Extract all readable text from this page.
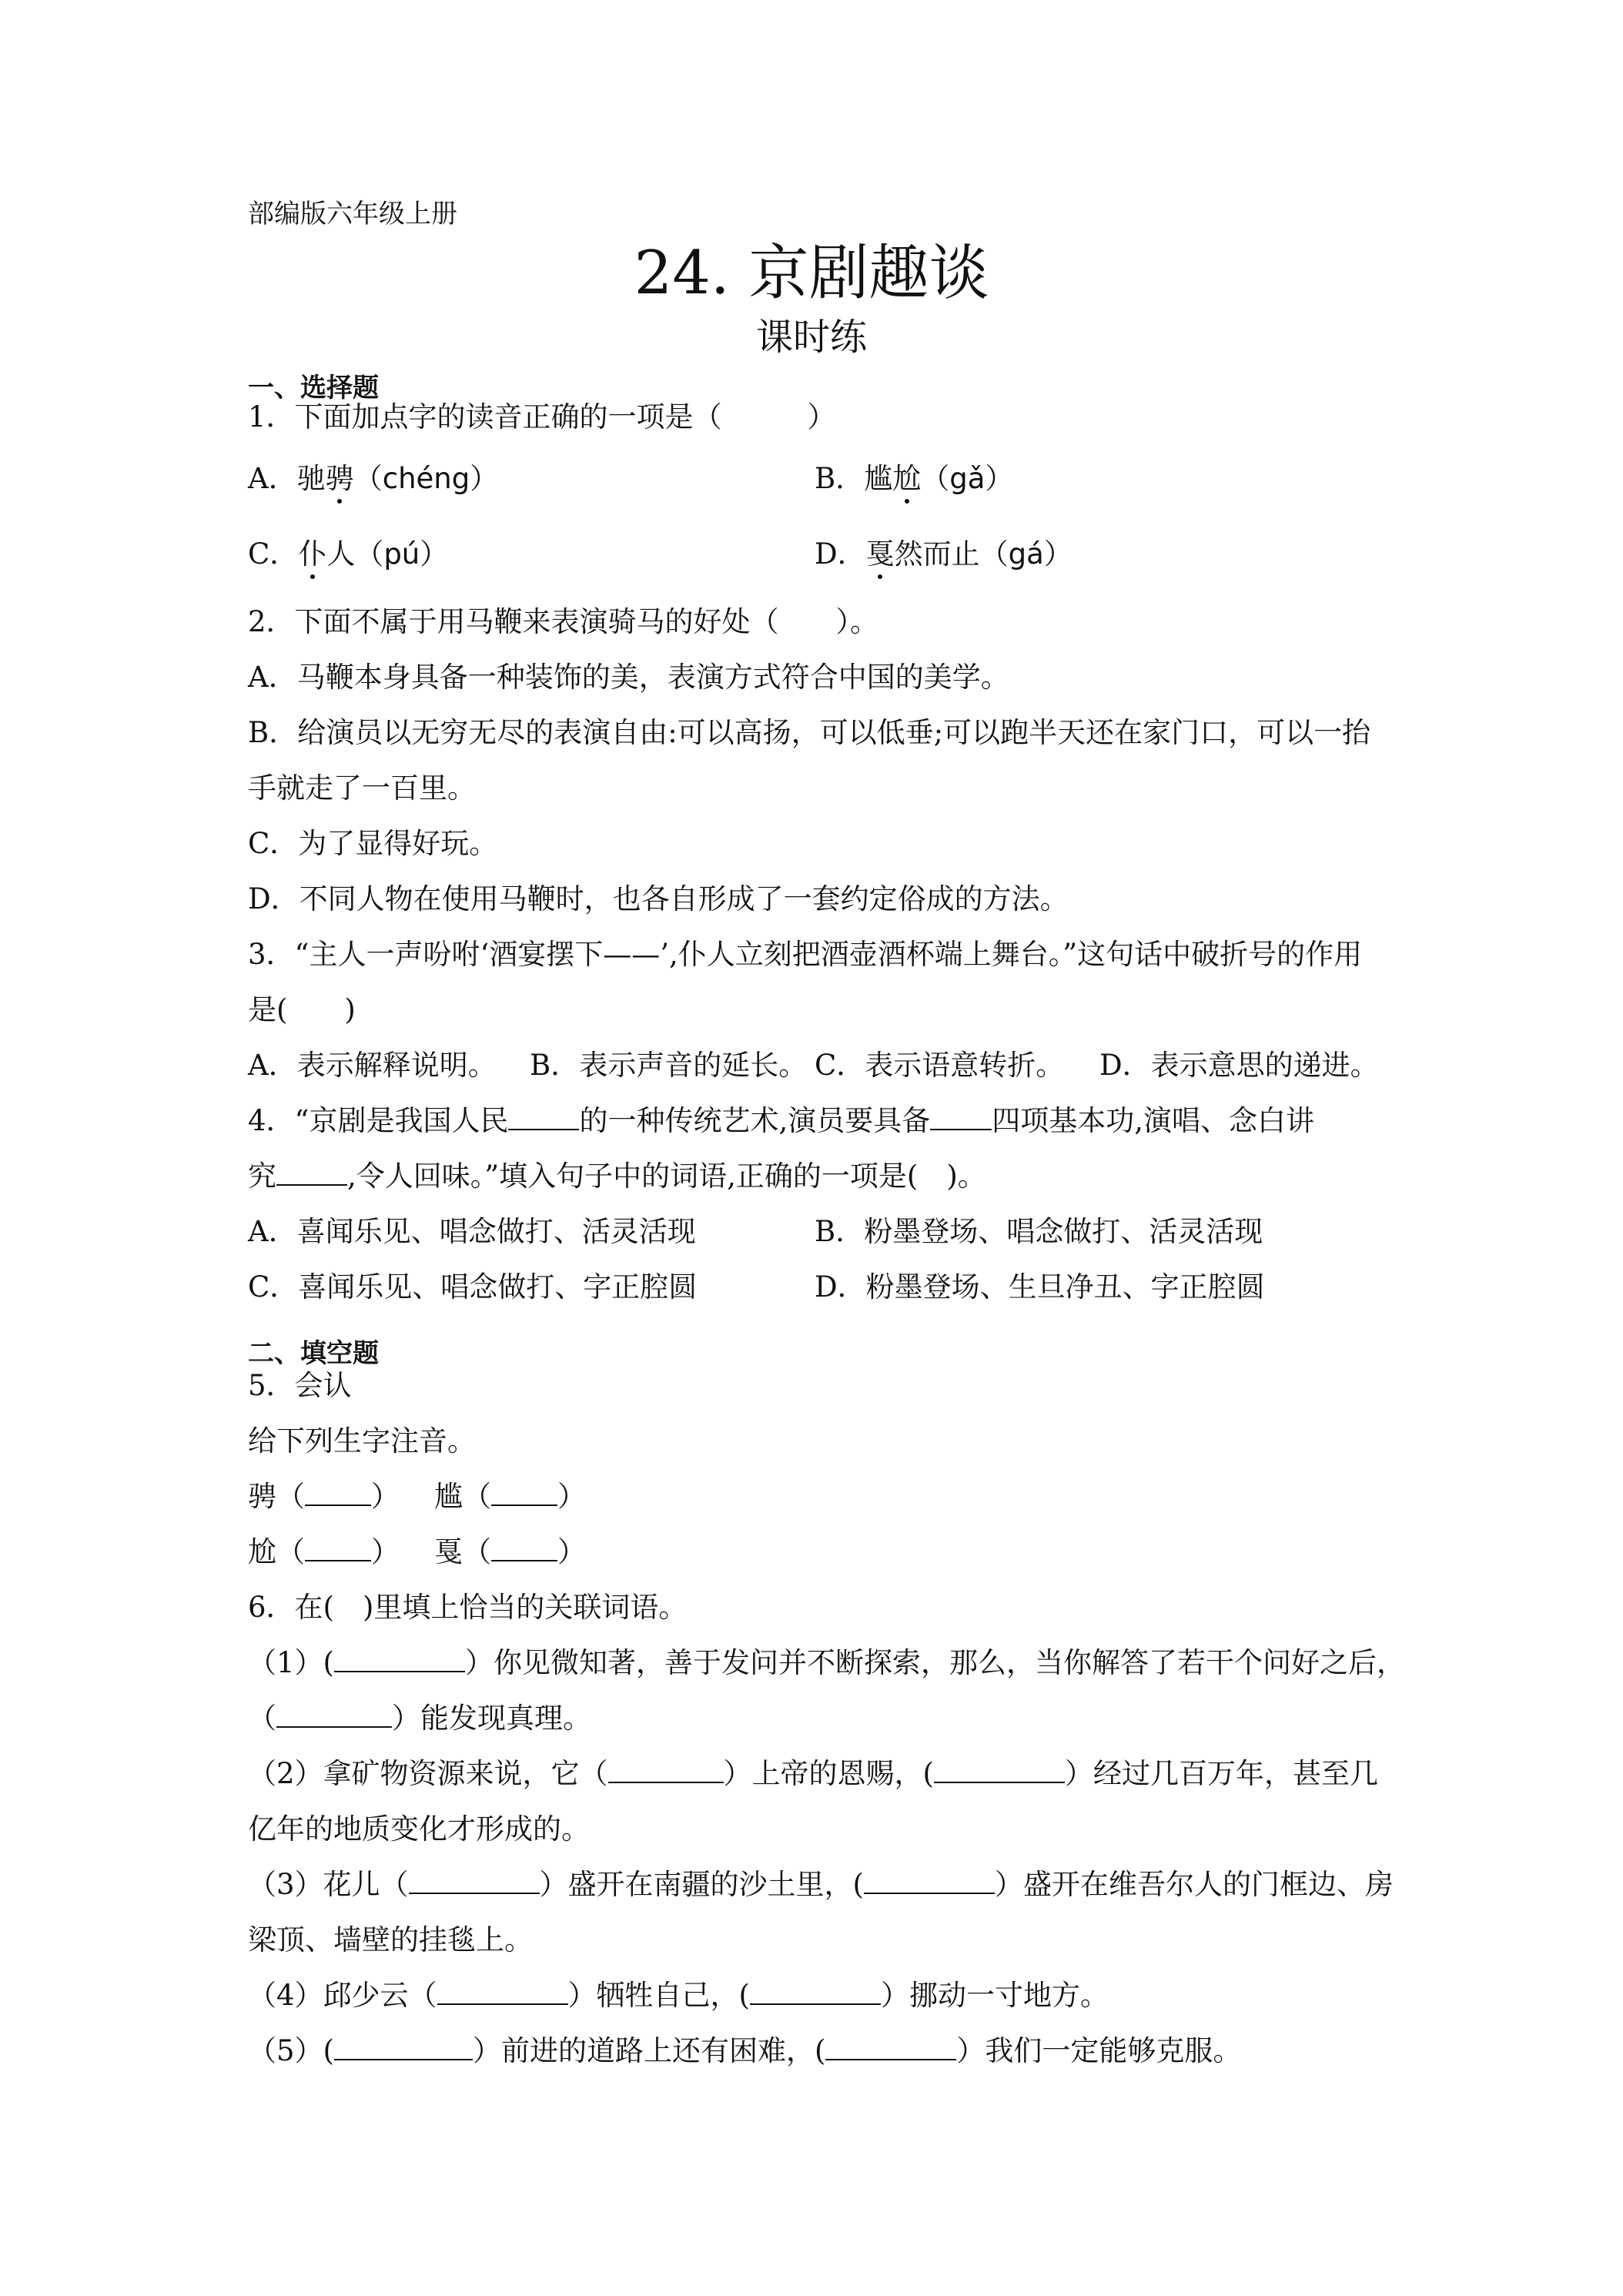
部编版六年级上册
24. 京剧趣谈
课时练
一、选择题
1．下面加点字的读音正确的一项是（　　　）
A．驰骋（chéng）	B．尴尬（gǎ）
C．仆人（pú）	D．戛然而止（gá）
2．下面不属于用马鞭来表演骑马的好处（　　）。
A．马鞭本身具备一种装饰的美，表演方式符合中国的美学。
B．给演员以无穷无尽的表演自由:可以高扬，可以低垂;可以跑半天还在家门口，可以一抬
手就走了一百里。
C．为了显得好玩。
D．不同人物在使用马鞭时，也各自形成了一套约定俗成的方法。
3．“主人一声吩咐‘酒宴摆下——’,仆人立刻把酒壶酒杯端上舞台。”这句话中破折号的作用
是(　　)
A．表示解释说明。 B．表示声音的延长。 C．表示语意转折。 D．表示意思的递进。
4．“京剧是我国人民 的一种传统艺术,演员要具备 四项基本功,演唱、念白讲
究 ,令人回味。”填入句子中的词语,正确的一项是(　)。
A．喜闻乐见、唱念做打、活灵活现	B．粉墨登场、唱念做打、活灵活现
C．喜闻乐见、唱念做打、字正腔圆	D．粉墨登场、生旦净丑、字正腔圆
二、填空题
5．会认
给下列生字注音。
骋（ ） 尴（ ）
尬（ ） 戛（ ）
6．在(　)里填上恰当的关联词语。
（1）(	）你见微知著，善于发问并不断探索，那么，当你解答了若干个问好之后，
（	）能发现真理。
（2）拿矿物资源来说，它（	）上帝的恩赐，(	）经过几百万年，甚至几
亿年的地质变化才形成的。
（3）花儿（	）盛开在南疆的沙土里，(	）盛开在维吾尔人的门框边、房
梁顶、墙壁的挂毯上。
（4）邱少云（	）牺牲自己，(	）挪动一寸地方。
（5）(	）前进的道路上还有困难，(	）我们一定能够克服。
